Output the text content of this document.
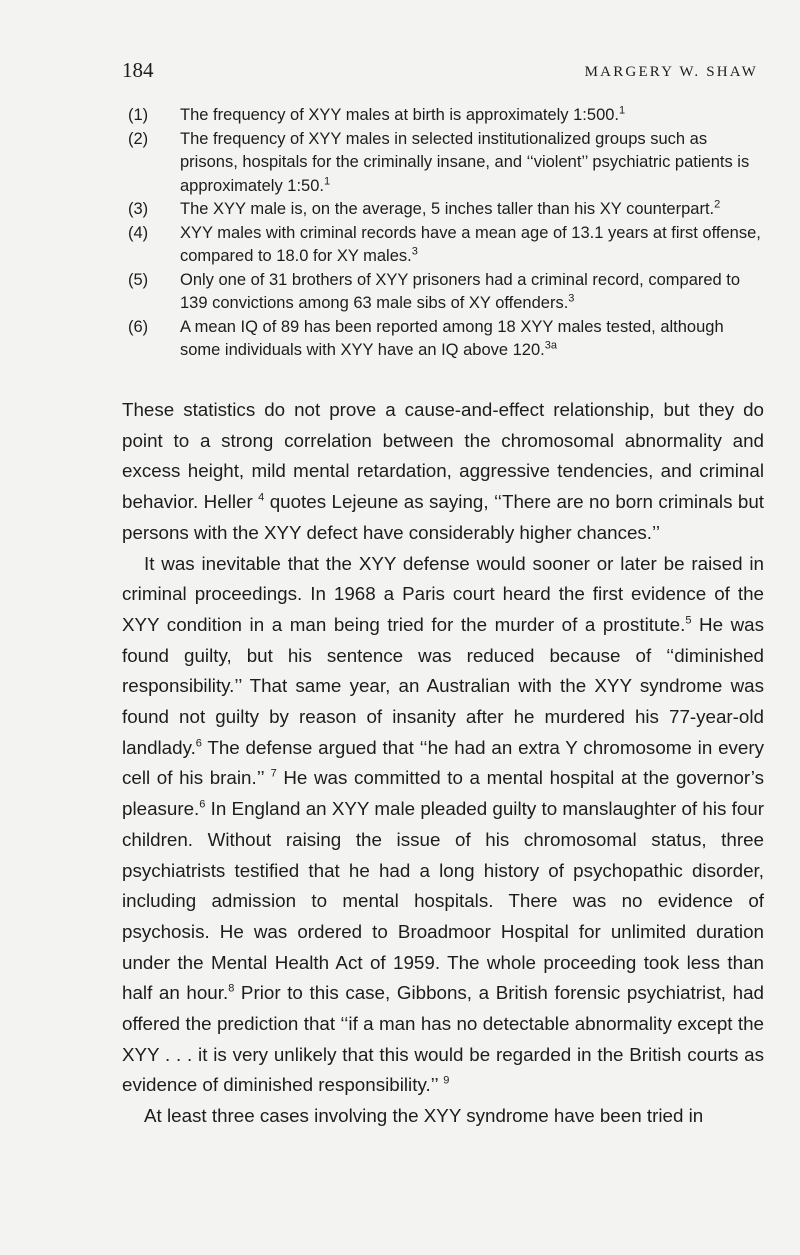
184	MARGERY W. SHAW
(1) The frequency of XYY males at birth is approximately 1:500.$^1$
(2) The frequency of XYY males in selected institutionalized groups such as prisons, hospitals for the criminally insane, and ‘‘violent’’ psychiatric patients is approximately 1:50.$^1$
(3) The XYY male is, on the average, 5 inches taller than his XY counterpart.$^2$
(4) XYY males with criminal records have a mean age of 13.1 years at first offense, compared to 18.0 for XY males.$^3$
(5) Only one of 31 brothers of XYY prisoners had a criminal record, compared to 139 convictions among 63 male sibs of XY offenders.$^3$
(6) A mean IQ of 89 has been reported among 18 XYY males tested, although some individuals with XYY have an IQ above 120.$^{3a}$

These statistics do not prove a cause-and-effect relationship, but they do point to a strong correlation between the chromosomal abnormality and excess height, mild mental retardation, aggressive tendencies, and criminal behavior. Heller $^4$ quotes Lejeune as saying, ‘‘There are no born criminals but persons with the XYY defect have considerably higher chances.’’

It was inevitable that the XYY defense would sooner or later be raised in criminal proceedings. In 1968 a Paris court heard the first evidence of the XYY condition in a man being tried for the murder of a prostitute.$^5$ He was found guilty, but his sentence was reduced because of ‘‘diminished responsibility.’’ That same year, an Australian with the XYY syndrome was found not guilty by reason of insanity after he murdered his 77-year-old landlady.$^6$ The defense argued that ‘‘he had an extra Y chromosome in every cell of his brain.’’ $^7$ He was committed to a mental hospital at the governor’s pleasure.$^6$ In England an XYY male pleaded guilty to manslaughter of his four children. Without raising the issue of his chromosomal status, three psychiatrists testified that he had a long history of psychopathic disorder, including admission to mental hospitals. There was no evidence of psychosis. He was ordered to Broadmoor Hospital for unlimited duration under the Mental Health Act of 1959. The whole proceeding took less than half an hour.$^8$ Prior to this case, Gibbons, a British forensic psychiatrist, had offered the prediction that ‘‘if a man has no detectable abnormality except the XYY . . . it is very unlikely that this would be regarded in the British courts as evidence of diminished responsibility.’’ $^9$

At least three cases involving the XYY syndrome have been tried in
